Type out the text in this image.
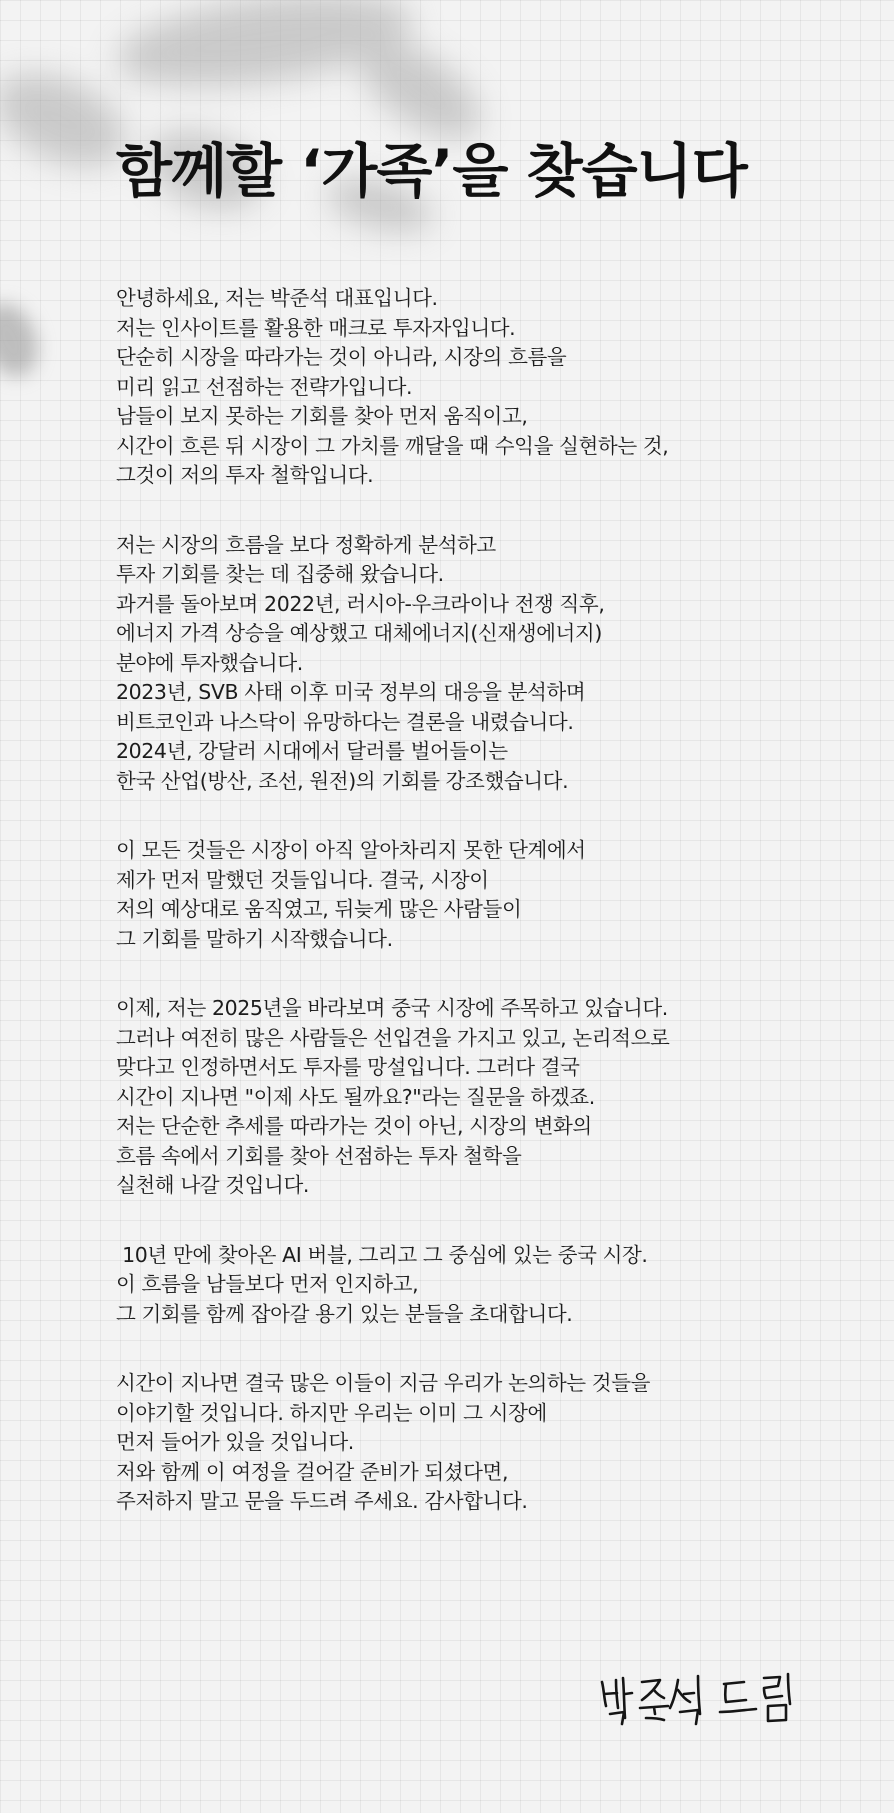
함께할 ‘가족’을 찾습니다
안녕하세요, 저는 박준석 대표입니다.
저는 인사이트를 활용한 매크로 투자자입니다.
단순히 시장을 따라가는 것이 아니라, 시장의 흐름을
미리 읽고 선점하는 전략가입니다.
남들이 보지 못하는 기회를 찾아 먼저 움직이고,
시간이 흐른 뒤 시장이 그 가치를 깨달을 때 수익을 실현하는 것,
그것이 저의 투자 철학입니다.
저는 시장의 흐름을 보다 정확하게 분석하고
투자 기회를 찾는 데 집중해 왔습니다.
과거를 돌아보며 2022년, 러시아-우크라이나 전쟁 직후,
에너지 가격 상승을 예상했고 대체에너지(신재생에너지)
분야에 투자했습니다.
2023년, SVB 사태 이후 미국 정부의 대응을 분석하며
비트코인과 나스닥이 유망하다는 결론을 내렸습니다.
2024년, 강달러 시대에서 달러를 벌어들이는
한국 산업(방산, 조선, 원전)의 기회를 강조했습니다.
이 모든 것들은 시장이 아직 알아차리지 못한 단계에서
제가 먼저 말했던 것들입니다. 결국, 시장이
저의 예상대로 움직였고, 뒤늦게 많은 사람들이
그 기회를 말하기 시작했습니다.
이제, 저는 2025년을 바라보며 중국 시장에 주목하고 있습니다.
그러나 여전히 많은 사람들은 선입견을 가지고 있고, 논리적으로
맞다고 인정하면서도 투자를 망설입니다. 그러다 결국
시간이 지나면 "이제 사도 될까요?"라는 질문을 하겠죠.
저는 단순한 추세를 따라가는 것이 아닌, 시장의 변화의
흐름 속에서 기회를 찾아 선점하는 투자 철학을
실천해 나갈 것입니다.
10년 만에 찾아온 AI 버블, 그리고 그 중심에 있는 중국 시장.
이 흐름을 남들보다 먼저 인지하고,
그 기회를 함께 잡아갈 용기 있는 분들을 초대합니다.
시간이 지나면 결국 많은 이들이 지금 우리가 논의하는 것들을
이야기할 것입니다. 하지만 우리는 이미 그 시장에
먼저 들어가 있을 것입니다.
저와 함께 이 여정을 걸어갈 준비가 되셨다면,
주저하지 말고 문을 두드려 주세요. 감사합니다.
